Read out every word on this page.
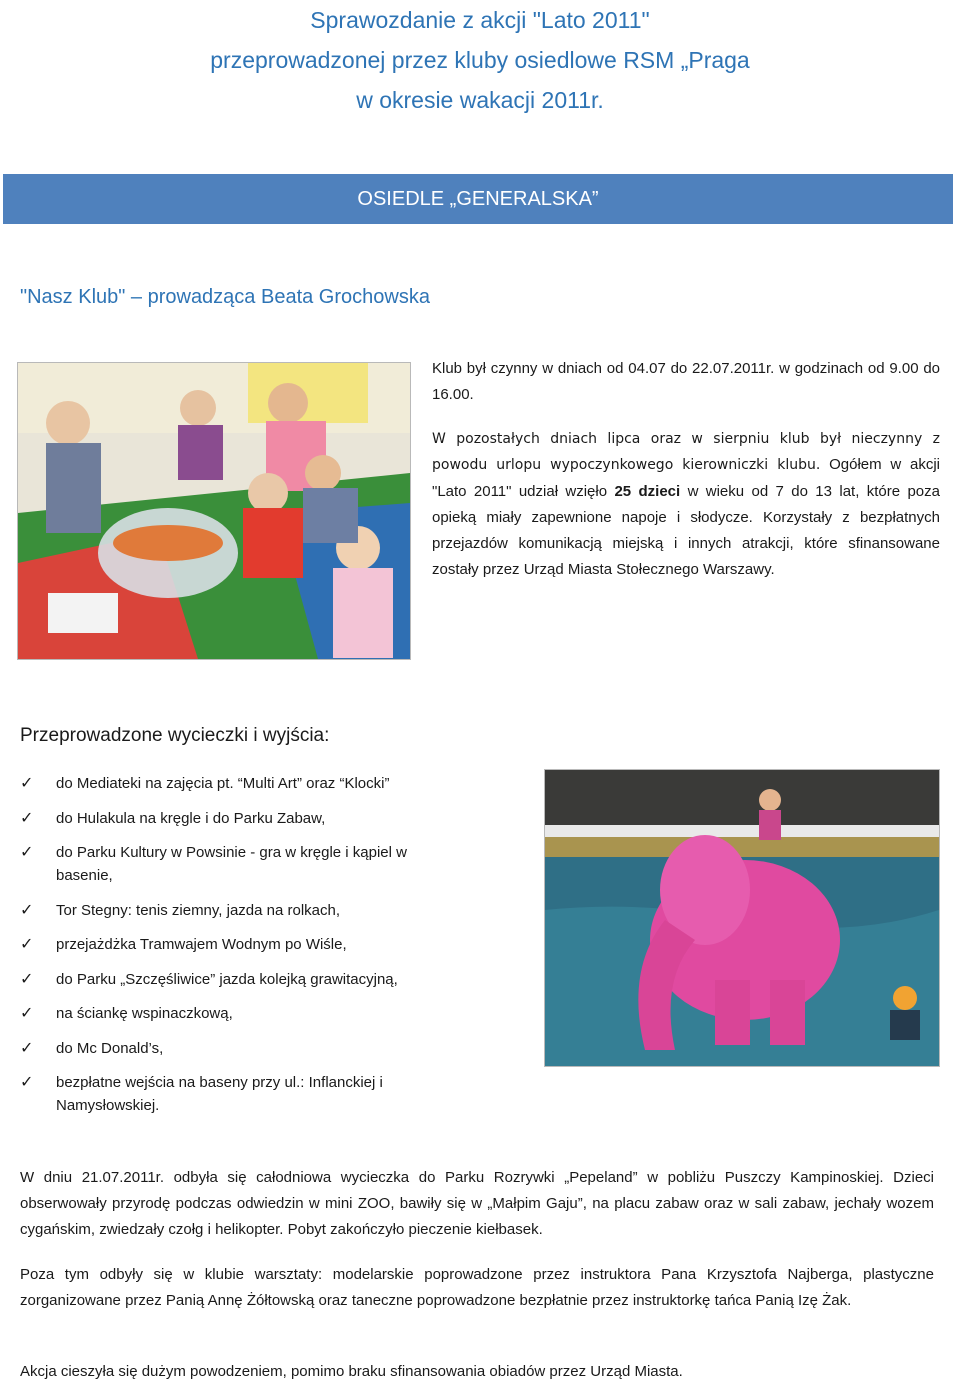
Sprawozdanie z akcji "Lato 2011"
przeprowadzonej przez kluby osiedlowe RSM „Praga
w okresie wakacji 2011r.
OSIEDLE „GENERALSKA”
"Nasz Klub" – prowadząca Beata Grochowska

Klub był czynny w dniach od 04.07 do 22.07.2011r. w godzinach od 9.00 do 16.00.

W pozostałych dniach lipca oraz w sierpniu klub był nieczynny z powodu urlopu wypoczynkowego kierowniczki klubu. Ogółem w akcji "Lato 2011" udział wzięło 25 dzieci w wieku od 7 do 13 lat, które poza opieką miały zapewnione napoje i słodycze. Korzystały z bezpłatnych przejazdów komunikacją miejską i innych atrakcji, które sfinansowane zostały przez Urząd Miasta Stołecznego Warszawy.

Przeprowadzone wycieczki i wyjścia:
✓	do Mediateki na zajęcia pt. “Multi Art” oraz “Klocki”
✓	do Hulakula na kręgle i do Parku Zabaw,
✓	do Parku Kultury w Powsinie - gra w kręgle i kąpiel w basenie,
✓	Tor Stegny: tenis ziemny, jazda na rolkach,
✓	przejażdżka Tramwajem Wodnym po Wiśle,
✓	do Parku „Szczęśliwice” jazda kolejką grawitacyjną,
✓	na ściankę wspinaczkową,
✓	do Mc Donald’s,
✓	bezpłatne wejścia na baseny przy ul.: Inflanckiej i Namysłowskiej.
W dniu 21.07.2011r. odbyła się całodniowa wycieczka do Parku Rozrywki „Pepeland” w pobliżu Puszczy Kampinoskiej. Dzieci obserwowały przyrodę podczas odwiedzin w mini ZOO, bawiły się w „Małpim Gaju”, na placu zabaw oraz w sali zabaw, jechały wozem cygańskim, zwiedzały czołg i helikopter. Pobyt zakończyło pieczenie kiełbasek.
Poza tym odbyły się w klubie warsztaty: modelarskie poprowadzone przez instruktora Pana Krzysztofa Najberga, plastyczne zorganizowane przez Panią Annę Żółtowską oraz taneczne poprowadzone bezpłatnie przez instruktorkę tańca Panią Izę Żak.
Akcja cieszyła się dużym powodzeniem, pomimo braku sfinansowania obiadów przez Urząd Miasta.
